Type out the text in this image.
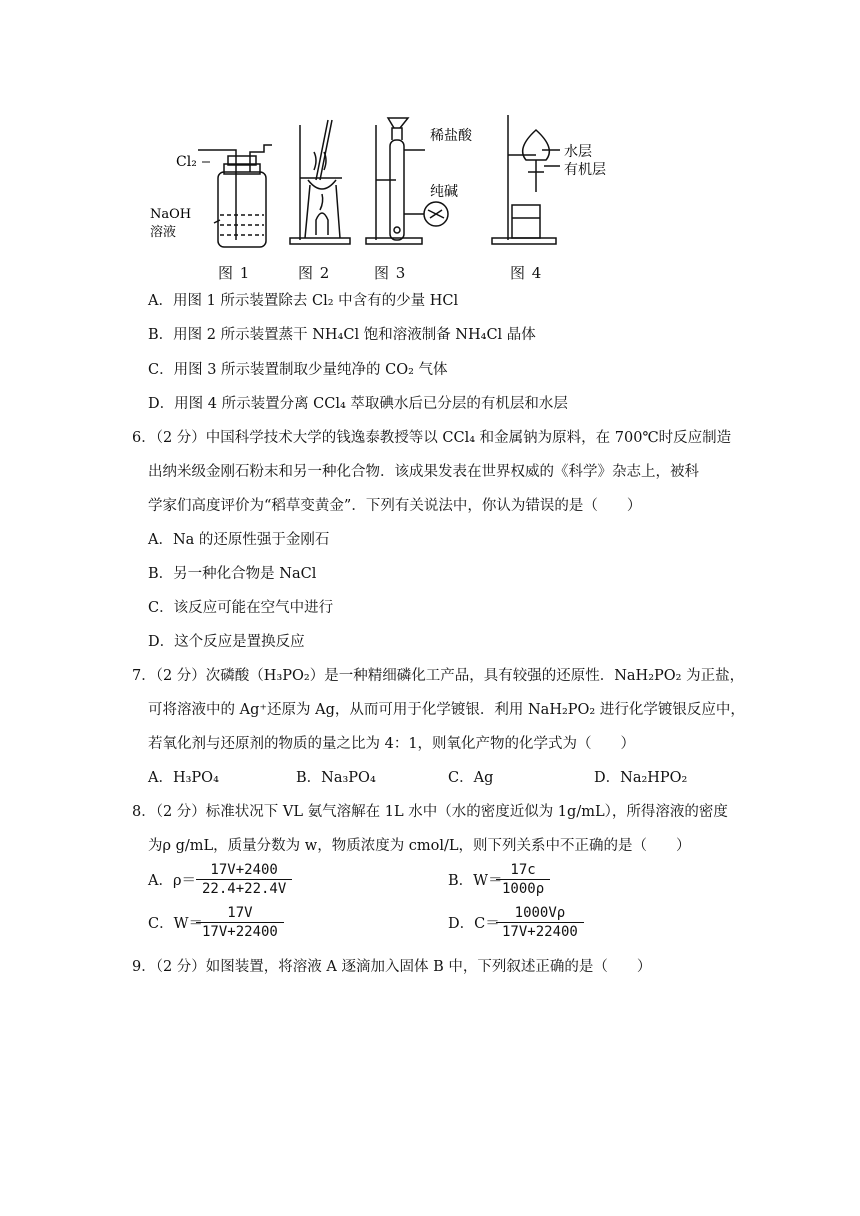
Cl₂
NaOH
溶液
稀盐酸
纯碱
水层
有机层
图 1	图 2	图 3	图 4
A．用图 1 所示装置除去 Cl₂ 中含有的少量 HCl
B．用图 2 所示装置蒸干 NH₄Cl 饱和溶液制备 NH₄Cl 晶体
C．用图 3 所示装置制取少量纯净的 CO₂ 气体
D．用图 4 所示装置分离 CCl₄ 萃取碘水后已分层的有机层和水层
6．（2 分）中国科学技术大学的钱逸泰教授等以 CCl₄ 和金属钠为原料，在 700℃时反应制造
出纳米级金刚石粉末和另一种化合物．该成果发表在世界权威的《科学》杂志上，被科
学家们高度评价为“稻草变黄金”．下列有关说法中，你认为错误的是（　　）
A．Na 的还原性强于金刚石
B．另一种化合物是 NaCl
C．该反应可能在空气中进行
D．这个反应是置换反应
7．（2 分）次磷酸（H₃PO₂）是一种精细磷化工产品，具有较强的还原性．NaH₂PO₂ 为正盐，
可将溶液中的 Ag⁺还原为 Ag，从而可用于化学镀银．利用 NaH₂PO₂ 进行化学镀银反应中，
若氧化剂与还原剂的物质的量之比为 4：1，则氧化产物的化学式为（　　）
A．H₃PO₄	B．Na₃PO₄	C．Ag	D．Na₂HPO₂
8．（2 分）标准状况下 VL 氨气溶解在 1L 水中（水的密度近似为 1g/mL），所得溶液的密度
为ρ g/mL，质量分数为 w，物质浓度为 cmol/L，则下列关系中不正确的是（　　）
A．$\rho= \frac{17V+2400}{22.4+22.4V}$	B．W＝
$\frac{17c}{1000\rho}$
C．W＝
$\frac{17V}{17V+22400}$	D．C＝
$\frac{1000V\rho}{17V+22400}$
9．（2 分）如图装置，将溶液 A 逐滴加入固体 B 中，下列叙述正确的是（　　）
